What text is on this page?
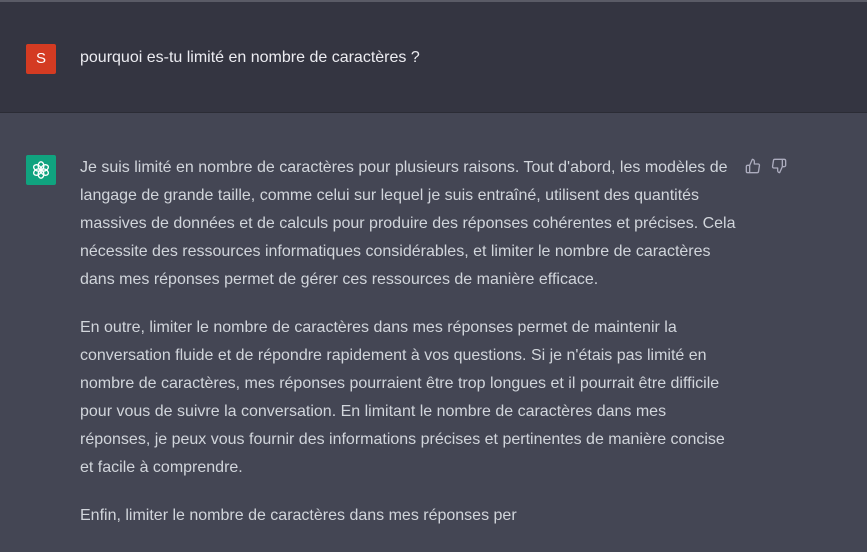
S	pourquoi es-tu limité en nombre de caractères ?

Je suis limité en nombre de caractères pour plusieurs raisons. Tout d'abord, les modèles de langage de grande taille, comme celui sur lequel je suis entraîné, utilisent des quantités massives de données et de calculs pour produire des réponses cohérentes et précises. Cela nécessite des ressources informatiques considérables, et limiter le nombre de caractères dans mes réponses permet de gérer ces ressources de manière efficace.

En outre, limiter le nombre de caractères dans mes réponses permet de maintenir la conversation fluide et de répondre rapidement à vos questions. Si je n'étais pas limité en nombre de caractères, mes réponses pourraient être trop longues et il pourrait être difficile pour vous de suivre la conversation. En limitant le nombre de caractères dans mes réponses, je peux vous fournir des informations précises et pertinentes de manière concise et facile à comprendre.

Enfin, limiter le nombre de caractères dans mes réponses per
